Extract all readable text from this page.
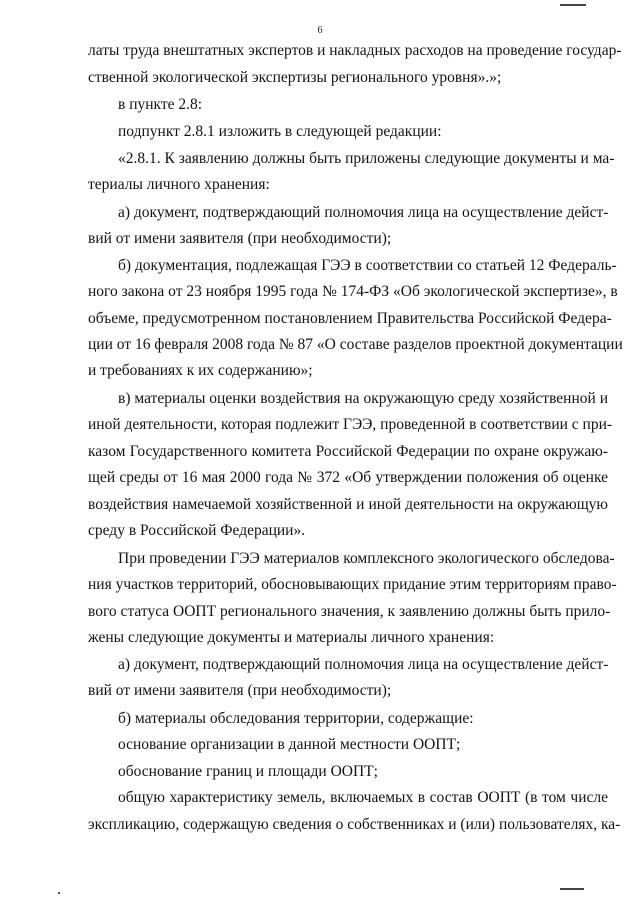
6
латы труда внештатных экспертов и накладных расходов на проведение государ-
ственной экологической экспертизы регионального уровня».»;
в пункте 2.8:
подпункт 2.8.1 изложить в следующей редакции:
«2.8.1. К заявлению должны быть приложены следующие документы и ма-
териалы личного хранения:
а) документ, подтверждающий полномочия лица на осуществление дейст-
вий от имени заявителя (при необходимости);
б) документация, подлежащая ГЭЭ в соответствии со статьей 12 Федераль-
ного закона от 23 ноября 1995 года № 174-ФЗ «Об экологической экспертизе», в
объеме, предусмотренном постановлением Правительства Российской Федера-
ции от 16 февраля 2008 года № 87 «О составе разделов проектной документации
и требованиях к их содержанию»;
в) материалы оценки воздействия на окружающую среду хозяйственной и
иной деятельности, которая подлежит ГЭЭ, проведенной в соответствии с при-
казом Государственного комитета Российской Федерации по охране окружаю-
щей среды от 16 мая 2000 года № 372 «Об утверждении положения об оценке
воздействия намечаемой хозяйственной и иной деятельности на окружающую
среду в Российской Федерации».
При проведении ГЭЭ материалов комплексного экологического обследова-
ния участков территорий, обосновывающих придание этим территориям право-
вого статуса ООПТ регионального значения, к заявлению должны быть прило-
жены следующие документы и материалы личного хранения:
а) документ, подтверждающий полномочия лица на осуществление дейст-
вий от имени заявителя (при необходимости);
б) материалы обследования территории, содержащие:
основание организации в данной местности ООПТ;
обоснование границ и площади ООПТ;
общую характеристику земель, включаемых в состав ООПТ (в том числе
экспликацию, содержащую сведения о собственниках и (или) пользователях, ка-
